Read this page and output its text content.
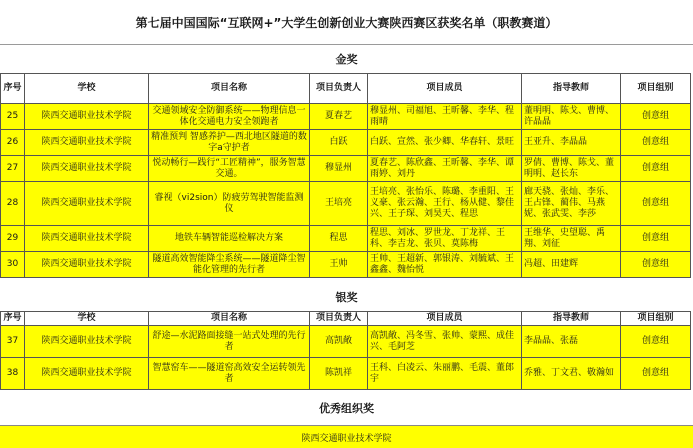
第七届中国国际“互联网+”大学生创新创业大赛陕西赛区获奖名单（职教赛道）
金奖
序号	学校	项目名称	项目负责人	项目成员	指导教师	项目组别
25	陕西交通职业技术学院	交通领域安全防御系统——物理信息一体化交通电力安全领跑者	夏春艺	穆显州、司福旭、王昕馨、李华、程雨晴	董明明、陈戈、曹博、许晶晶	创意组
26	陕西交通职业技术学院	精准预判 智感养护—西北地区隧道的数字a守护者	白跃	白跃、宣然、张少卿、华春轩、景旺	王亚升、李晶晶	创意组
27	陕西交通职业技术学院	悦动畅行—践行“工匠精神”，服务智慧交通。	穆显州	夏春艺、陈欣鑫、王昕馨、李华、谭雨婷、刘丹	罗倩、曹博、陈戈、董明明、赵长东	创意组
28	陕西交通职业技术学院	睿视（vi2sion）防疲劳驾驶智能监测仪	王培亮	王培亮、张怡乐、陈璐、李重阳、王义豪、张云瀚、王行、杨从健、黎佳兴、王子琛、刘昊天、程思	廊天骁、张灿、李乐、王占锋、蔺伟、马燕妮、张武雯、李莎	创意组
29	陕西交通职业技术学院	地铁车辆智能巡检解决方案	程思	程思、刘冰、罗世龙、丁龙祥、王科、李吉龙、张贝、莫陈梅	王维华、史望聪、禹翔、刘征	创意组
30	陕西交通职业技术学院	隧道高效智能降尘系统——隧道降尘智能化管理的先行者	王帅	王帅、王超新、郭银涛、刘毓斌、王鑫鑫、魏怡悦	冯超、田建辉	创意组
银奖
序号	学校	项目名称	项目负责人	项目成员	指导教师	项目组别
37	陕西交通职业技术学院	舒途—水泥路面接缝一站式处理的先行者	高凯敞	高凯敞、冯冬雪、张帅、蒙熙、成佳兴、毛阿芝	李晶晶、张磊	创意组
38	陕西交通职业技术学院	智慧窑车——隧道窑高效安全运转领先者	陈凯祥	王科、白凌云、朱丽鹏、毛震、董郎宇	乔雅、丁文君、敬瀚如	创意组
优秀组织奖
陕西交通职业技术学院
